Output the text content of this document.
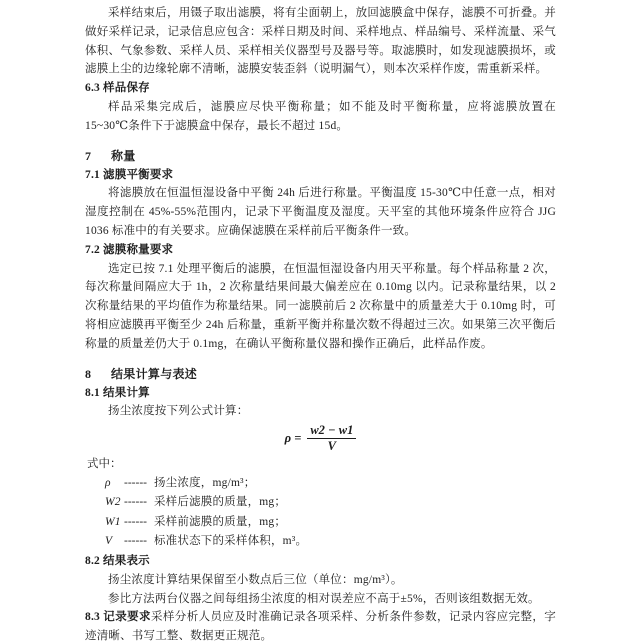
采样结束后，用镊子取出滤膜，将有尘面朝上，放回滤膜盒中保存，滤膜不可折叠。并做好采样记录，记录信息应包含：采样日期及时间、采样地点、样品编号、采样流量、采气体积、气象参数、采样人员、采样相关仪器型号及器号等。取滤膜时，如发现滤膜损坏，或滤膜上尘的边缘轮廓不清晰，滤膜安装歪斜（说明漏气），则本次采样作废，需重新采样。

6.3 样品保存

样品采集完成后，滤膜应尽快平衡称量；如不能及时平衡称量，应将滤膜放置在 15~30℃条件下于滤膜盒中保存，最长不超过 15d。

7 称量
7.1 滤膜平衡要求

将滤膜放在恒温恒湿设备中平衡 24h 后进行称量。平衡温度 15-30℃中任意一点，相对湿度控制在 45%-55%范围内，记录下平衡温度及湿度。天平室的其他环境条件应符合 JJG 1036 标准中的有关要求。应确保滤膜在采样前后平衡条件一致。

7.2 滤膜称量要求

选定已按 7.1 处理平衡后的滤膜，在恒温恒湿设备内用天平称量。每个样品称量 2 次，每次称量间隔应大于 1h，2 次称量结果间最大偏差应在 0.10mg 以内。记录称量结果，以 2 次称量结果的平均值作为称量结果。同一滤膜前后 2 次称量中的质量差大于 0.10mg 时，可将相应滤膜再平衡至少 24h 后称量，重新平衡并称量次数不得超过三次。如果第三次平衡后称量的质量差仍大于 0.1mg，在确认平衡称量仪器和操作正确后，此样品作废。

8 结果计算与表述
8.1 结果计算

扬尘浓度按下列公式计算：

$\rho = \frac{w2 - w1}{V}$

式中：

ρ	------ 扬尘浓度，mg/m³；
W2 ------ 采样后滤膜的质量，mg；
W1 ------ 采样前滤膜的质量，mg；
V	------ 标准状态下的采样体积，m³。
8.2 结果表示

扬尘浓度计算结果保留至小数点后三位（单位：mg/m³）。

参比方法两台仪器之间每组扬尘浓度的相对误差应不高于±5%，否则该组数据无效。

8.3 记录要求采样分析人员应及时准确记录各项采样、分析条件参数，记录内容应完整，字迹清晰、书写工整、数据更正规范。
